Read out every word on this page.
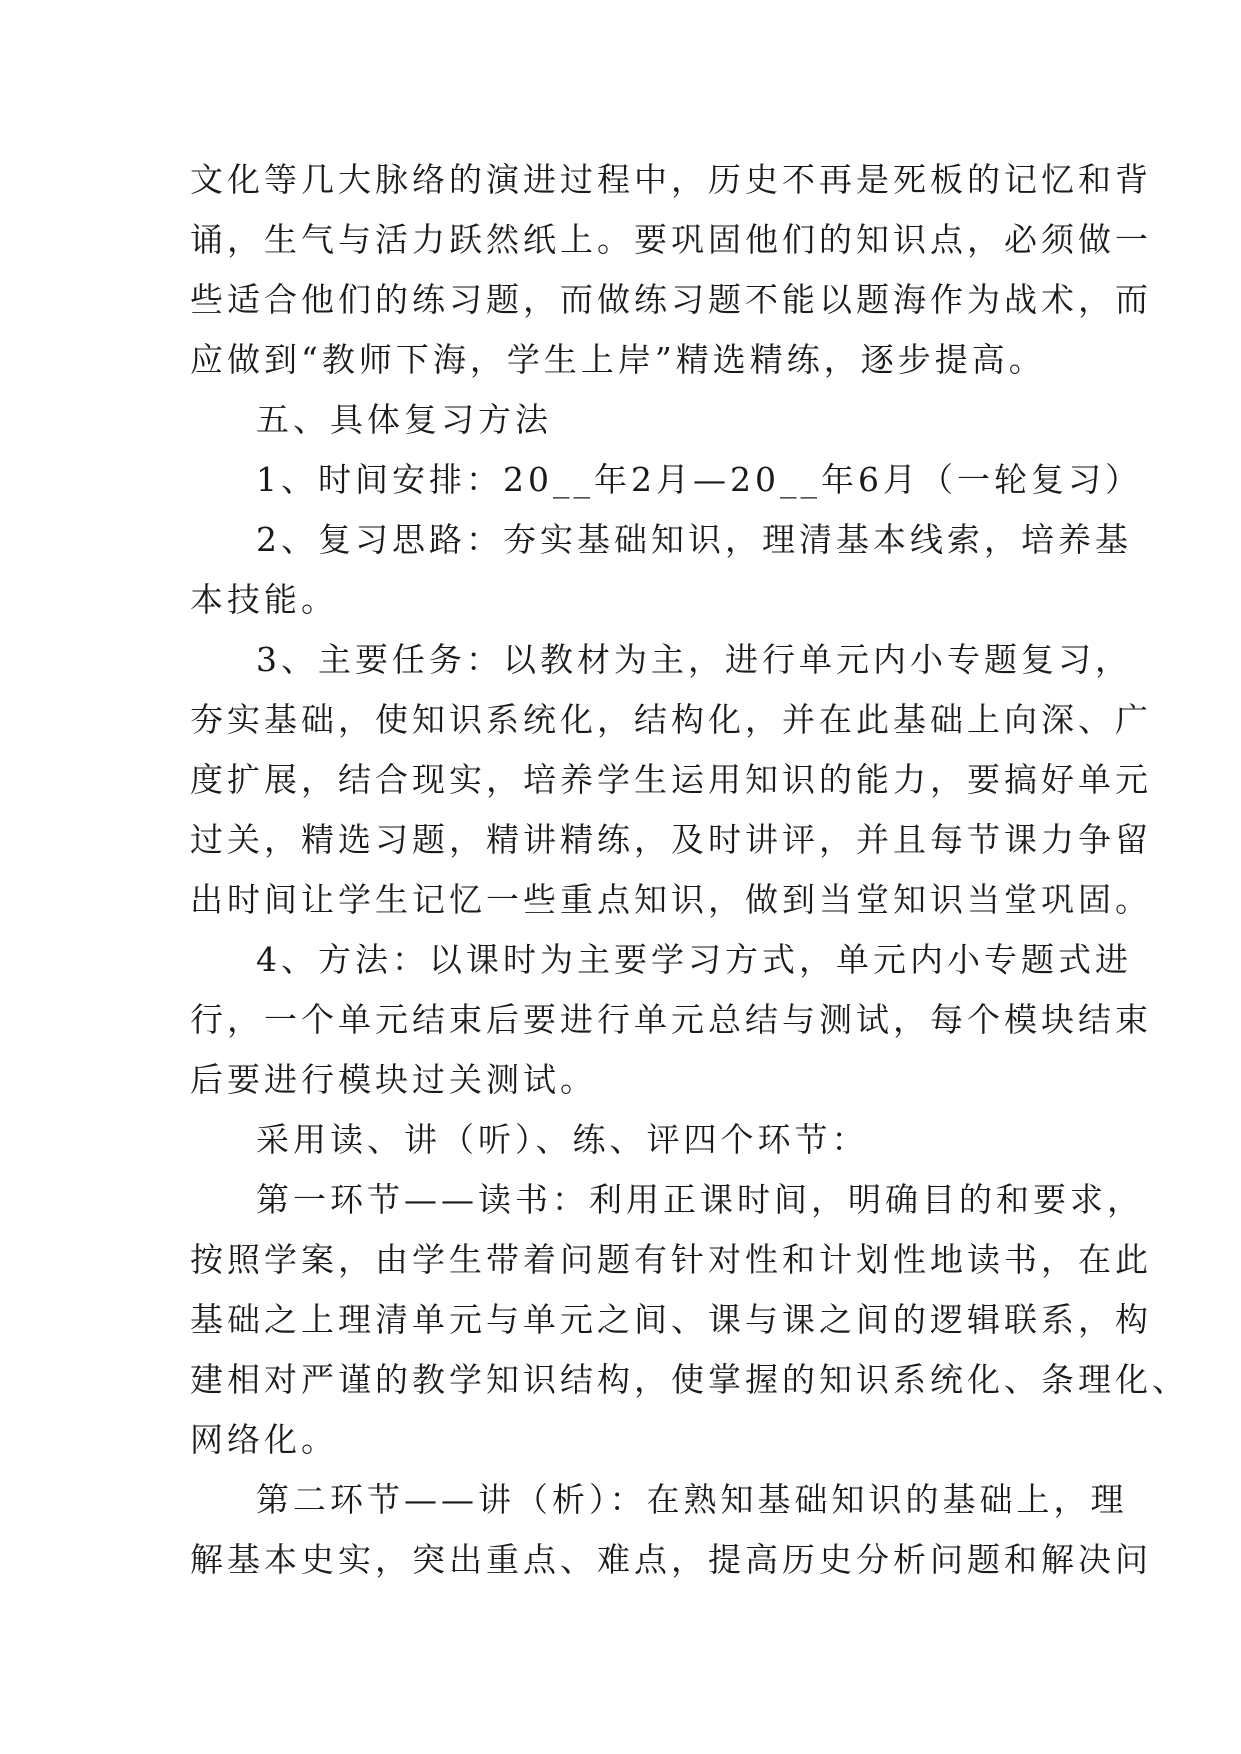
文化等几大脉络的演进过程中，历史不再是死板的记忆和背
诵，生气与活力跃然纸上。要巩固他们的知识点，必须做一
些适合他们的练习题，而做练习题不能以题海作为战术，而
应做到“教师下海，学生上岸”精选精练，逐步提高。
五、具体复习方法
1、时间安排：20__年2月—20__年6月（一轮复习）
2、复习思路：夯实基础知识，理清基本线索，培养基
本技能。
3、主要任务：以教材为主，进行单元内小专题复习，
夯实基础，使知识系统化，结构化，并在此基础上向深、广
度扩展，结合现实，培养学生运用知识的能力，要搞好单元
过关，精选习题，精讲精练，及时讲评，并且每节课力争留
出时间让学生记忆一些重点知识，做到当堂知识当堂巩固。
4、方法：以课时为主要学习方式，单元内小专题式进
行，一个单元结束后要进行单元总结与测试，每个模块结束
后要进行模块过关测试。
采用读、讲（听）、练、评四个环节：
第一环节——读书：利用正课时间，明确目的和要求，
按照学案，由学生带着问题有针对性和计划性地读书，在此
基础之上理清单元与单元之间、课与课之间的逻辑联系，构
建相对严谨的教学知识结构，使掌握的知识系统化、条理化、
网络化。
第二环节——讲（析）：在熟知基础知识的基础上，理
解基本史实，突出重点、难点，提高历史分析问题和解决问
